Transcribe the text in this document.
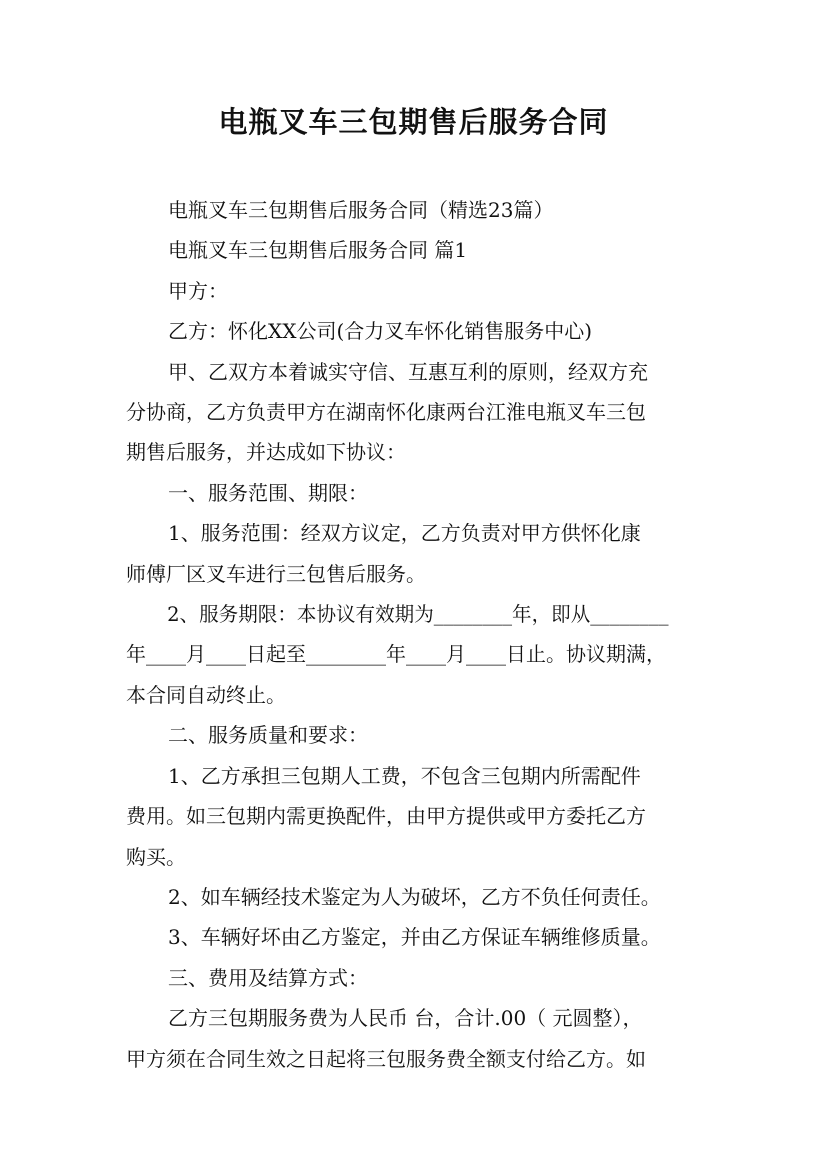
电瓶叉车三包期售后服务合同
电瓶叉车三包期售后服务合同（精选23篇）
电瓶叉车三包期售后服务合同 篇1
甲方：
乙方：怀化XX公司(合力叉车怀化销售服务中心)
甲、乙双方本着诚实守信、互惠互利的原则，经双方充
分协商，乙方负责甲方在湖南怀化康两台江淮电瓶叉车三包
期售后服务，并达成如下协议：
一、服务范围、期限：
1、服务范围：经双方议定，乙方负责对甲方供怀化康
师傅厂区叉车进行三包售后服务。
2、服务期限：本协议有效期为________年，即从________
年____月____日起至________年____月____日止。协议期满，
本合同自动终止。
二、服务质量和要求：
1、乙方承担三包期人工费，不包含三包期内所需配件
费用。如三包期内需更换配件，由甲方提供或甲方委托乙方
购买。
2、如车辆经技术鉴定为人为破坏，乙方不负任何责任。
3、车辆好坏由乙方鉴定，并由乙方保证车辆维修质量。
三、费用及结算方式：
乙方三包期服务费为人民币 台，合计.00（ 元圆整），
甲方须在合同生效之日起将三包服务费全额支付给乙方。如
